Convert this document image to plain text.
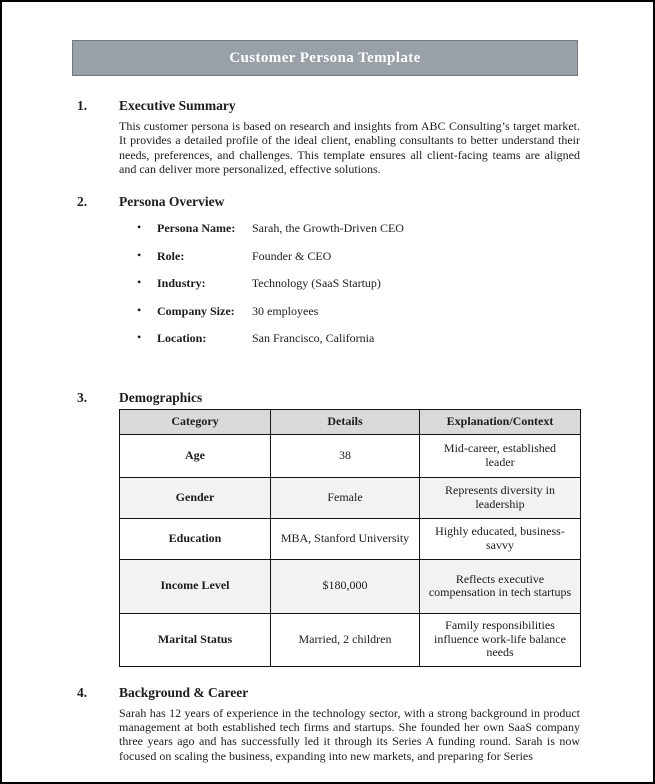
Customer Persona Template
1.	Executive Summary

This customer persona is based on research and insights from ABC Consulting’s target market. It provides a detailed profile of the ideal client, enabling consultants to better understand their needs, preferences, and challenges. This template ensures all client-facing teams are aligned and can deliver more personalized, effective solutions.

2.	Persona Overview
• Persona Name: Sarah, the Growth-Driven CEO
• Role:	Founder & CEO
• Industry:	Technology (SaaS Startup)
• Company Size: 30 employees
• Location:	San Francisco, California
3.	Demographics
Category	Details	Explanation/Context
Age	38	Mid-career, established leader
Gender	Female	Represents diversity in leadership
Education	MBA, Stanford University	Highly educated, business-savvy
Income Level	$180,000	Reflects executive compensation in tech startups
Marital Status	Married, 2 children	Family responsibilities influence work-life balance needs
4.	Background & Career

Sarah has 12 years of experience in the technology sector, with a strong background in product management at both established tech firms and startups. She founded her own SaaS company three years ago and has successfully led it through its Series A funding round. Sarah is now focused on scaling the business, expanding into new markets, and preparing for Series
